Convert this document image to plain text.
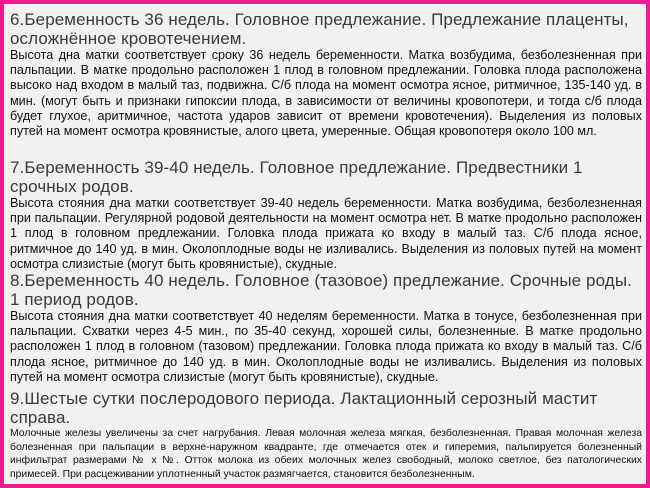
6.Беременность 36 недель. Головное предлежание. Предлежание плаценты, осложнённое кровотечением.

Высота дна матки соответствует сроку 36 недель беременности. Матка возбудима, безболезненная при пальпации. В матке продольно расположен 1 плод в головном предлежании. Головка плода расположена высоко над входом в малый таз, подвижна. С/б плода на момент осмотра ясное, ритмичное, 135-140 уд. в мин. (могут быть и признаки гипоксии плода, в зависимости от величины кровопотери, и тогда с/б плода будет глухое, аритмичное, частота ударов зависит от времени кровотечения). Выделения из половых путей на момент осмотра кровянистые, алого цвета, умеренные. Общая кровопотеря около 100 мл.

7.Беременность 39-40 недель. Головное предлежание. Предвестники 1 срочных родов.

Высота стояния дна матки соответствует 39-40 недель беременности. Матка возбудима, безболезненная при пальпации. Регулярной родовой деятельности на момент осмотра нет. В матке продольно расположен 1 плод в головном предлежании. Головка плода прижата ко входу в малый таз. С/б плода ясное, ритмичное до 140 уд. в мин. Околоплодные воды не изливались. Выделения из половых путей на момент осмотра слизистые (могут быть кровянистые), скудные.

8.Беременность 40 недель. Головное (тазовое) предлежание. Срочные роды. 1 период родов.

Высота стояния дна матки соответствует 40 неделям беременности. Матка в тонусе, безболезненная при пальпации. Схватки через 4-5 мин., по 35-40 секунд, хорошей силы, болезненные. В матке продольно расположен 1 плод в головном (тазовом) предлежании. Головка плода прижата ко входу в малый таз. С/б плода ясное, ритмичное до 140 уд. в мин. Околоплодные воды не изливались. Выделения из половых путей на момент осмотра слизистые (могут быть кровянистые), скудные.

9.Шестые сутки послеродового периода. Лактационный серозный мастит справа.

Молочные железы увеличены за счет нагрубания. Левая молочная железа мягкая, безболезненная. Правая молочная железа болезненная при пальпации в верхне-наружном квадранте, где отмечается отек и гиперемия, пальпируется болезненный инфильтрат размерами № х №. Отток молока из обеих молочных желез свободный, молоко светлое, без патологических примесей. При расцеживании уплотненный участок размягчается, становится безболезненным.
